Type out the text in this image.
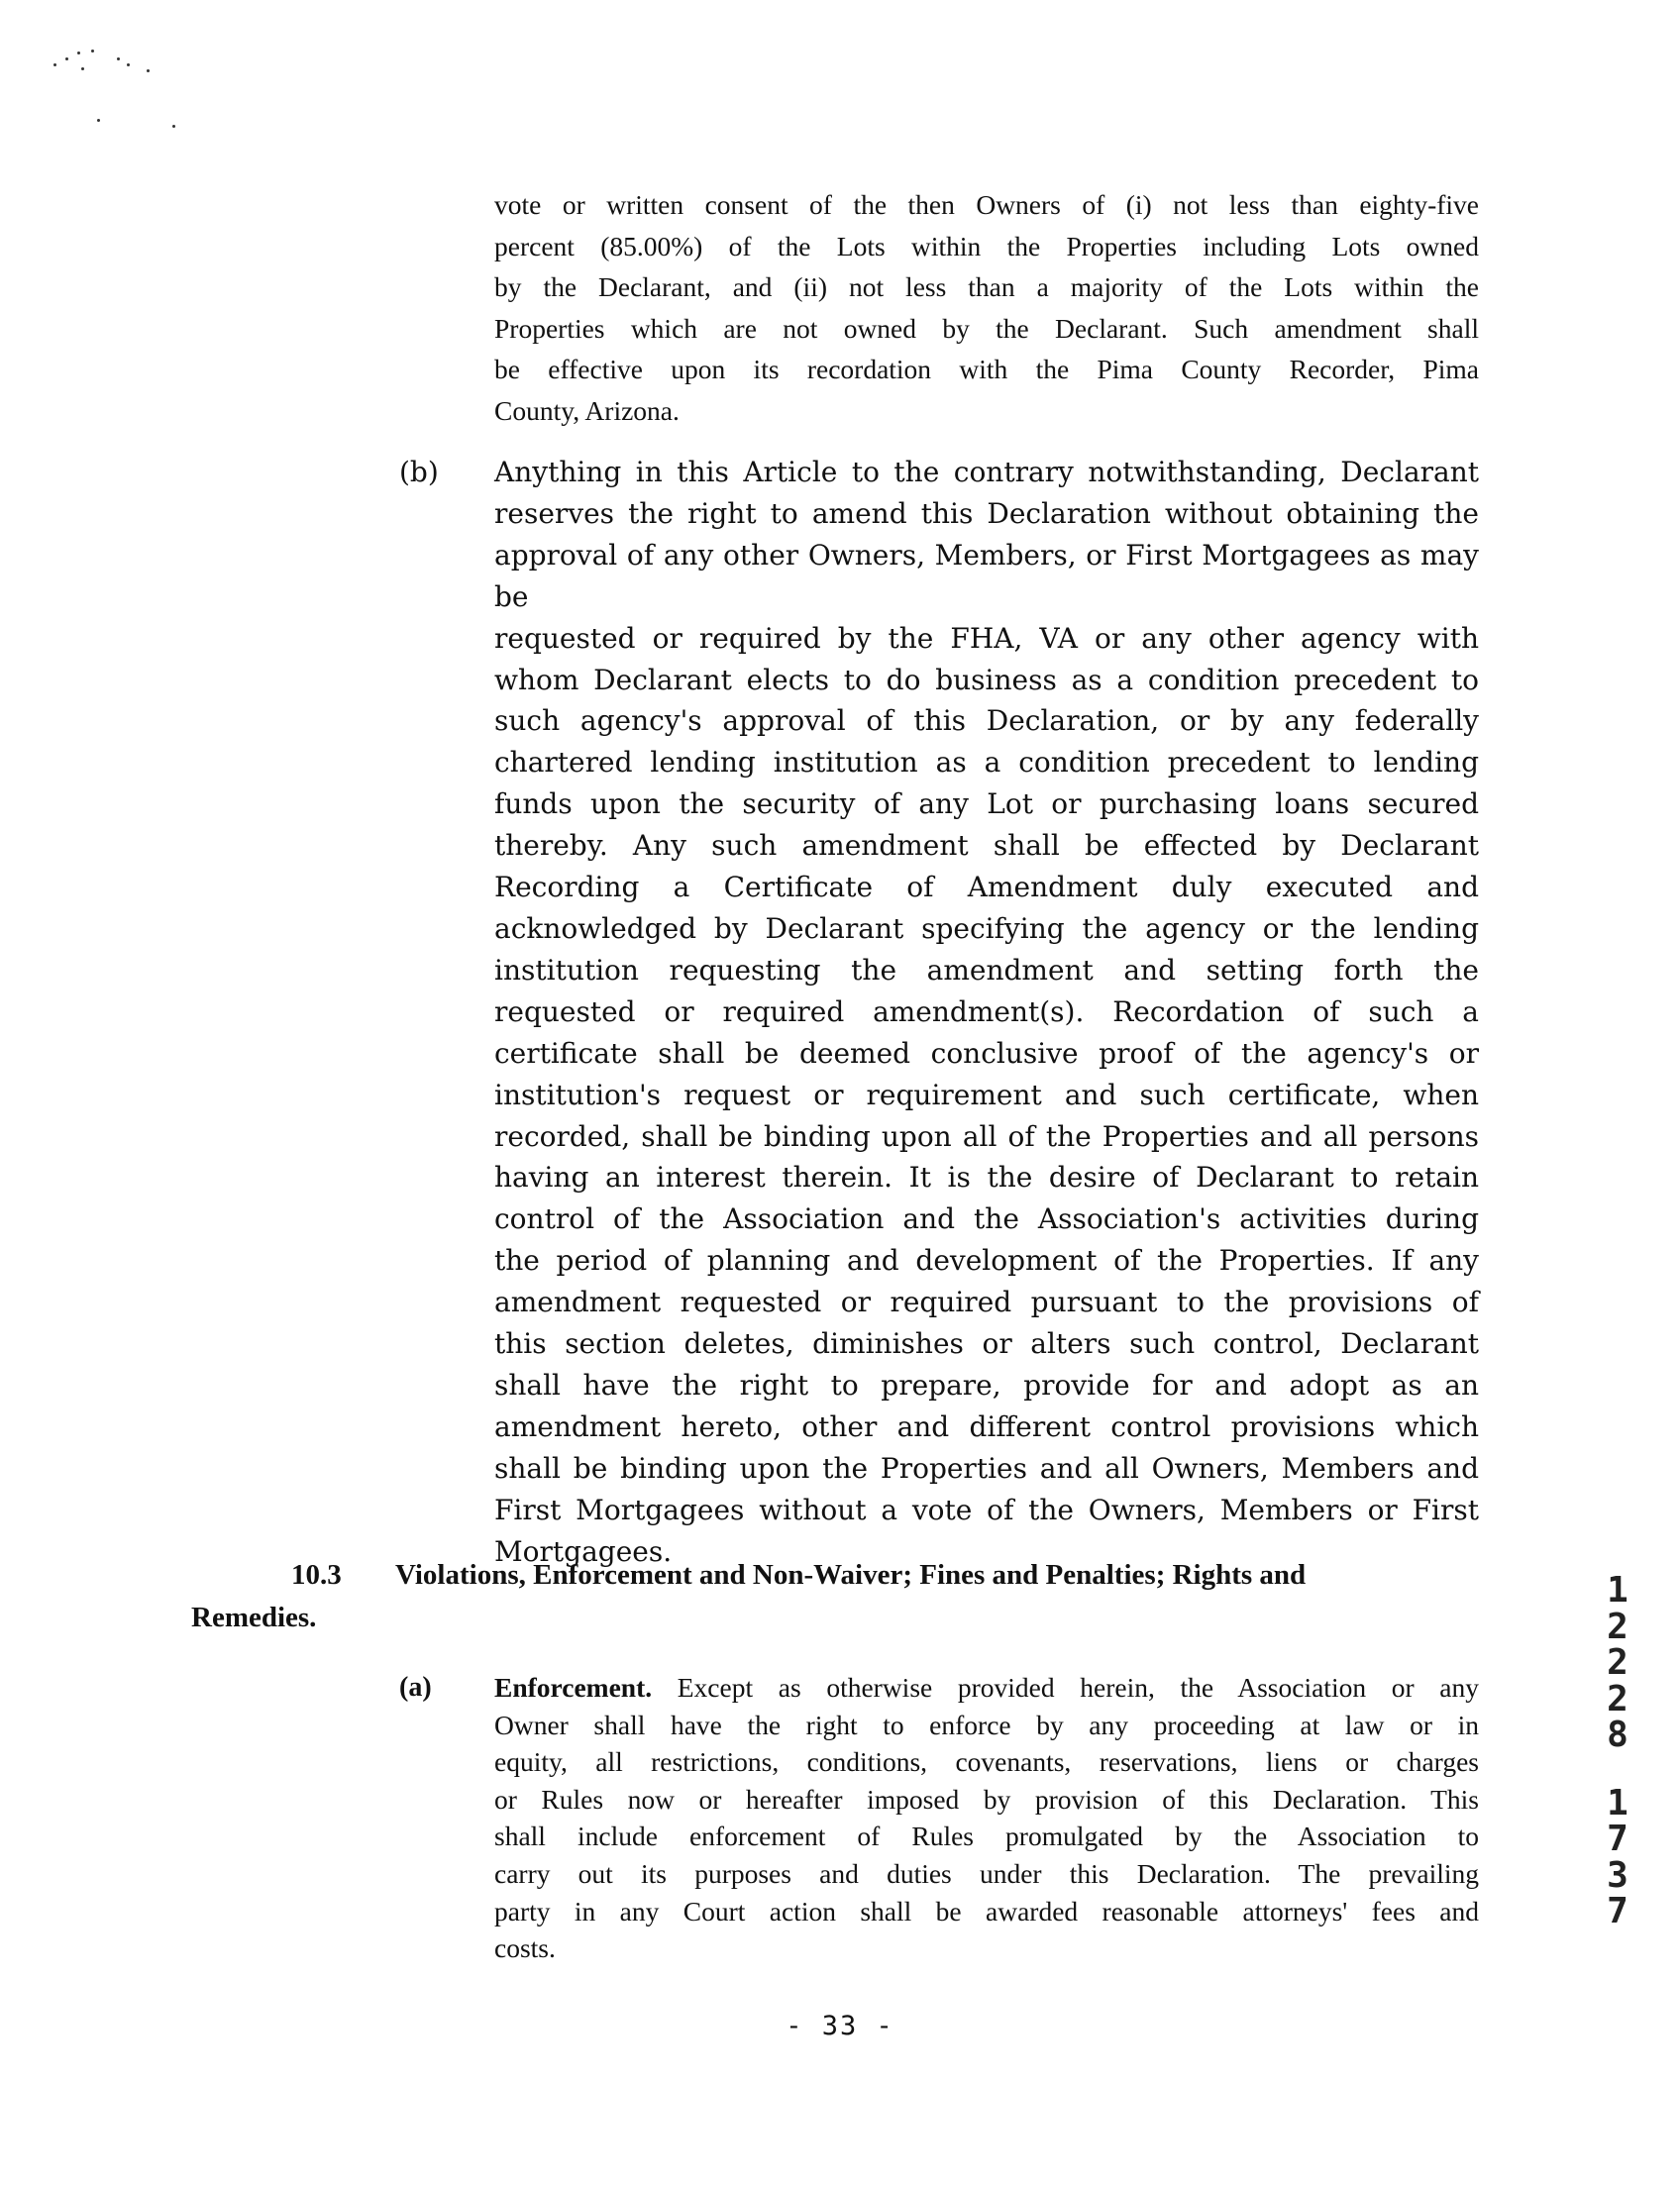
vote or written consent of the then Owners of (i) not less than eighty-five
percent (85.00%) of the Lots within the Properties including Lots owned
by the Declarant, and (ii) not less than a majority of the Lots within the
Properties which are not owned by the Declarant. Such amendment shall
be effective upon its recordation with the Pima County Recorder, Pima
County, Arizona.
(b) Anything in this Article to the contrary notwithstanding, Declarant
reserves the right to amend this Declaration without obtaining the
approval of any other Owners, Members, or First Mortgagees as may be
requested or required by the FHA, VA or any other agency with
whom Declarant elects to do business as a condition precedent to
such agency's approval of this Declaration, or by any federally
chartered lending institution as a condition precedent to lending
funds upon the security of any Lot or purchasing loans secured
thereby. Any such amendment shall be effected by Declarant
Recording a Certificate of Amendment duly executed and
acknowledged by Declarant specifying the agency or the lending
institution requesting the amendment and setting forth the
requested or required amendment(s). Recordation of such a
certificate shall be deemed conclusive proof of the agency's or
institution's request or requirement and such certificate, when
recorded, shall be binding upon all of the Properties and all persons
having an interest therein. It is the desire of Declarant to retain
control of the Association and the Association's activities during
the period of planning and development of the Properties. If any
amendment requested or required pursuant to the provisions of
this section deletes, diminishes or alters such control, Declarant
shall have the right to prepare, provide for and adopt as an
amendment hereto, other and different control provisions which
shall be binding upon the Properties and all Owners, Members and
First Mortgagees without a vote of the Owners, Members or First
Mortgagees.
10.3 Violations, Enforcement and Non-Waiver; Fines and Penalties; Rights and
Remedies.
(a) Enforcement. Except as otherwise provided herein, the Association or any
Owner shall have the right to enforce by any proceeding at law or in
equity, all restrictions, conditions, covenants, reservations, liens or charges
or Rules now or hereafter imposed by provision of this Declaration. This
shall include enforcement of Rules promulgated by the Association to
carry out its purposes and duties under this Declaration. The prevailing
party in any Court action shall be awarded reasonable attorneys' fees and
costs.
- 33 -
1
2
2
2
8
1
7
3
7
